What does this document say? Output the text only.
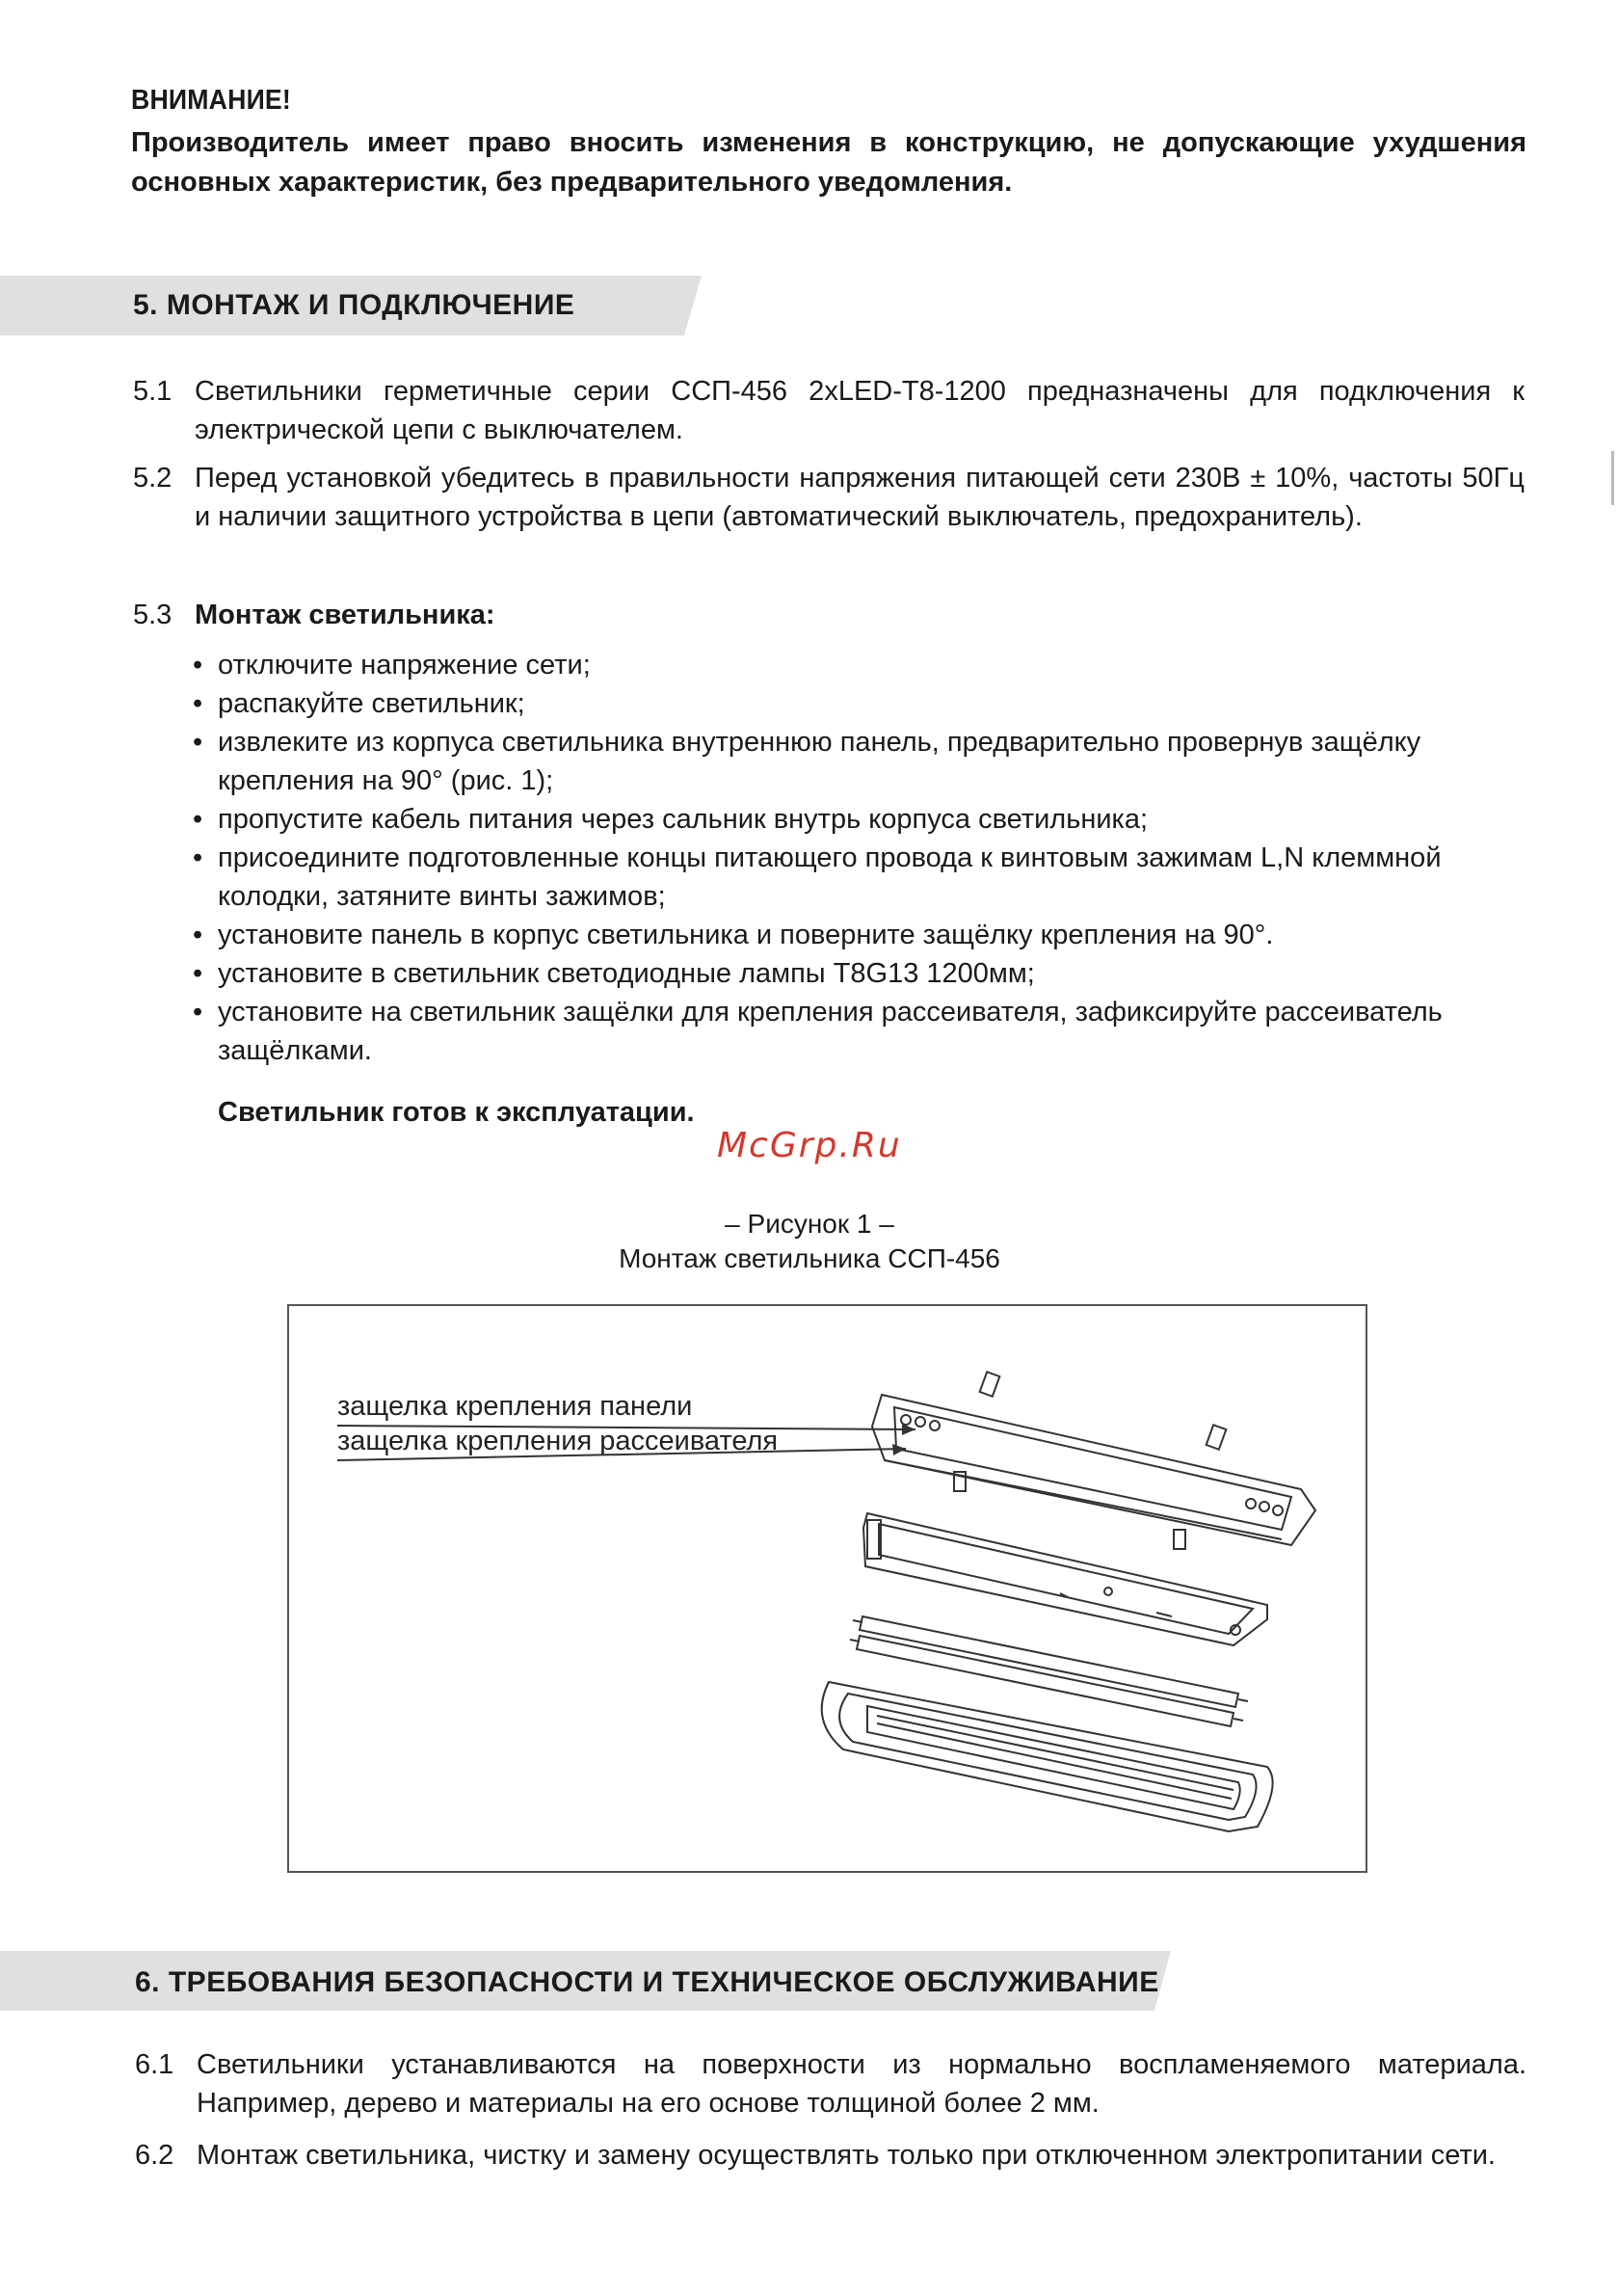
ВНИМАНИЕ!
Производитель имеет право вносить изменения в конструкцию, не допускающие ухудшения основных характеристик, без предварительного уведомления.
5. МОНТАЖ И ПОДКЛЮЧЕНИЕ
5.1 Светильники герметичные серии ССП-456 2xLED-T8-1200 предназначены для подключения к электрической цепи с выключателем.
5.2 Перед установкой убедитесь в правильности напряжения питающей сети 230В ± 10%, частоты 50Гц и наличии защитного устройства в цепи (автоматический выключатель, предохранитель).
5.3 Монтаж светильника:
• отключите напряжение сети;
• распакуйте светильник;
• извлеките из корпуса светильника внутреннюю панель, предварительно провернув защёлку крепления на 90° (рис. 1);
• пропустите кабель питания через сальник внутрь корпуса светильника;
• присоедините подготовленные концы питающего провода к винтовым зажимам L,N клеммной колодки, затяните винты зажимов;
• установите панель в корпус светильника и поверните защёлку крепления на 90°.
• установите в светильник светодиодные лампы T8G13 1200мм;
• установите на светильник защёлки для крепления рассеивателя, зафиксируйте рассеиватель защёлками.
Светильник готов к эксплуатации.
McGrp.Ru
– Рисунок 1 –
Монтаж светильника ССП-456
защелка крепления панели
защелка крепления рассеивателя
6. ТРЕБОВАНИЯ БЕЗОПАСНОСТИ И ТЕХНИЧЕСКОЕ ОБСЛУЖИВАНИЕ
6.1 Светильники устанавливаются на поверхности из нормально воспламеняемого материала. Например, дерево и материалы на его основе толщиной более 2 мм.
6.2 Монтаж светильника, чистку и замену осуществлять только при отключенном электропитании сети.
